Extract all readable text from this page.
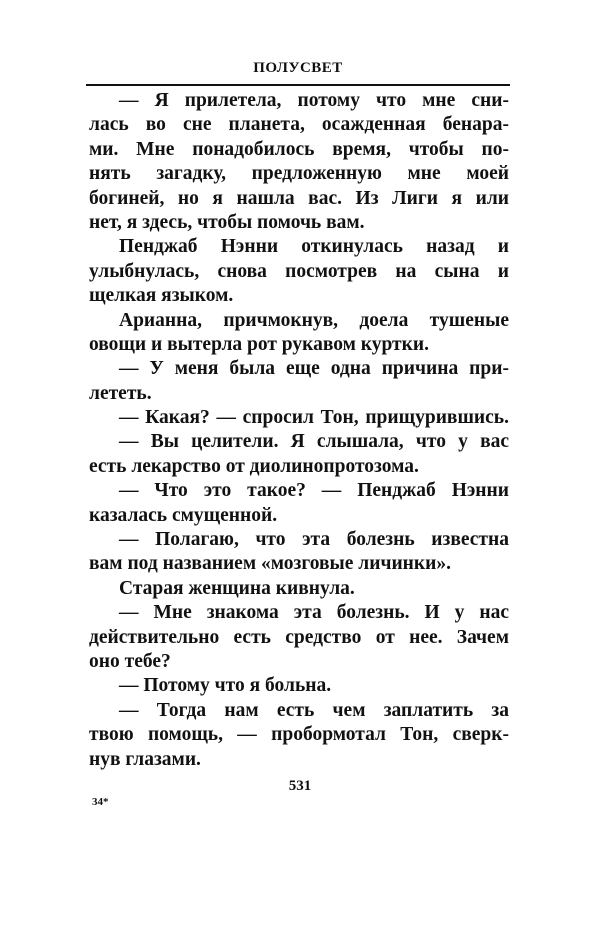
ПОЛУСВЕТ
— Я прилетела, потому что мне сни-
лась во сне планета, осажденная бенара-
ми. Мне понадобилось время, чтобы по-
нять загадку, предложенную мне моей
богиней, но я нашла вас. Из Лиги я или
нет, я здесь, чтобы помочь вам.
Пенджаб Нэнни откинулась назад и
улыбнулась, снова посмотрев на сына и
щелкая языком.
Арианна, причмокнув, доела тушеные
овощи и вытерла рот рукавом куртки.
— У меня была еще одна причина при-
лететь.
— Какая? — спросил Тон, прищурившись.
— Вы целители. Я слышала, что у вас
есть лекарство от диолинопротозома.
— Что это такое? — Пенджаб Нэнни
казалась смущенной.
— Полагаю, что эта болезнь известна
вам под названием «мозговые личинки».
Старая женщина кивнула.
— Мне знакома эта болезнь. И у нас
действительно есть средство от нее. Зачем
оно тебе?
— Потому что я больна.
— Тогда нам есть чем заплатить за
твою помощь, — пробормотал Тон, сверк-
нув глазами.
531
34*
